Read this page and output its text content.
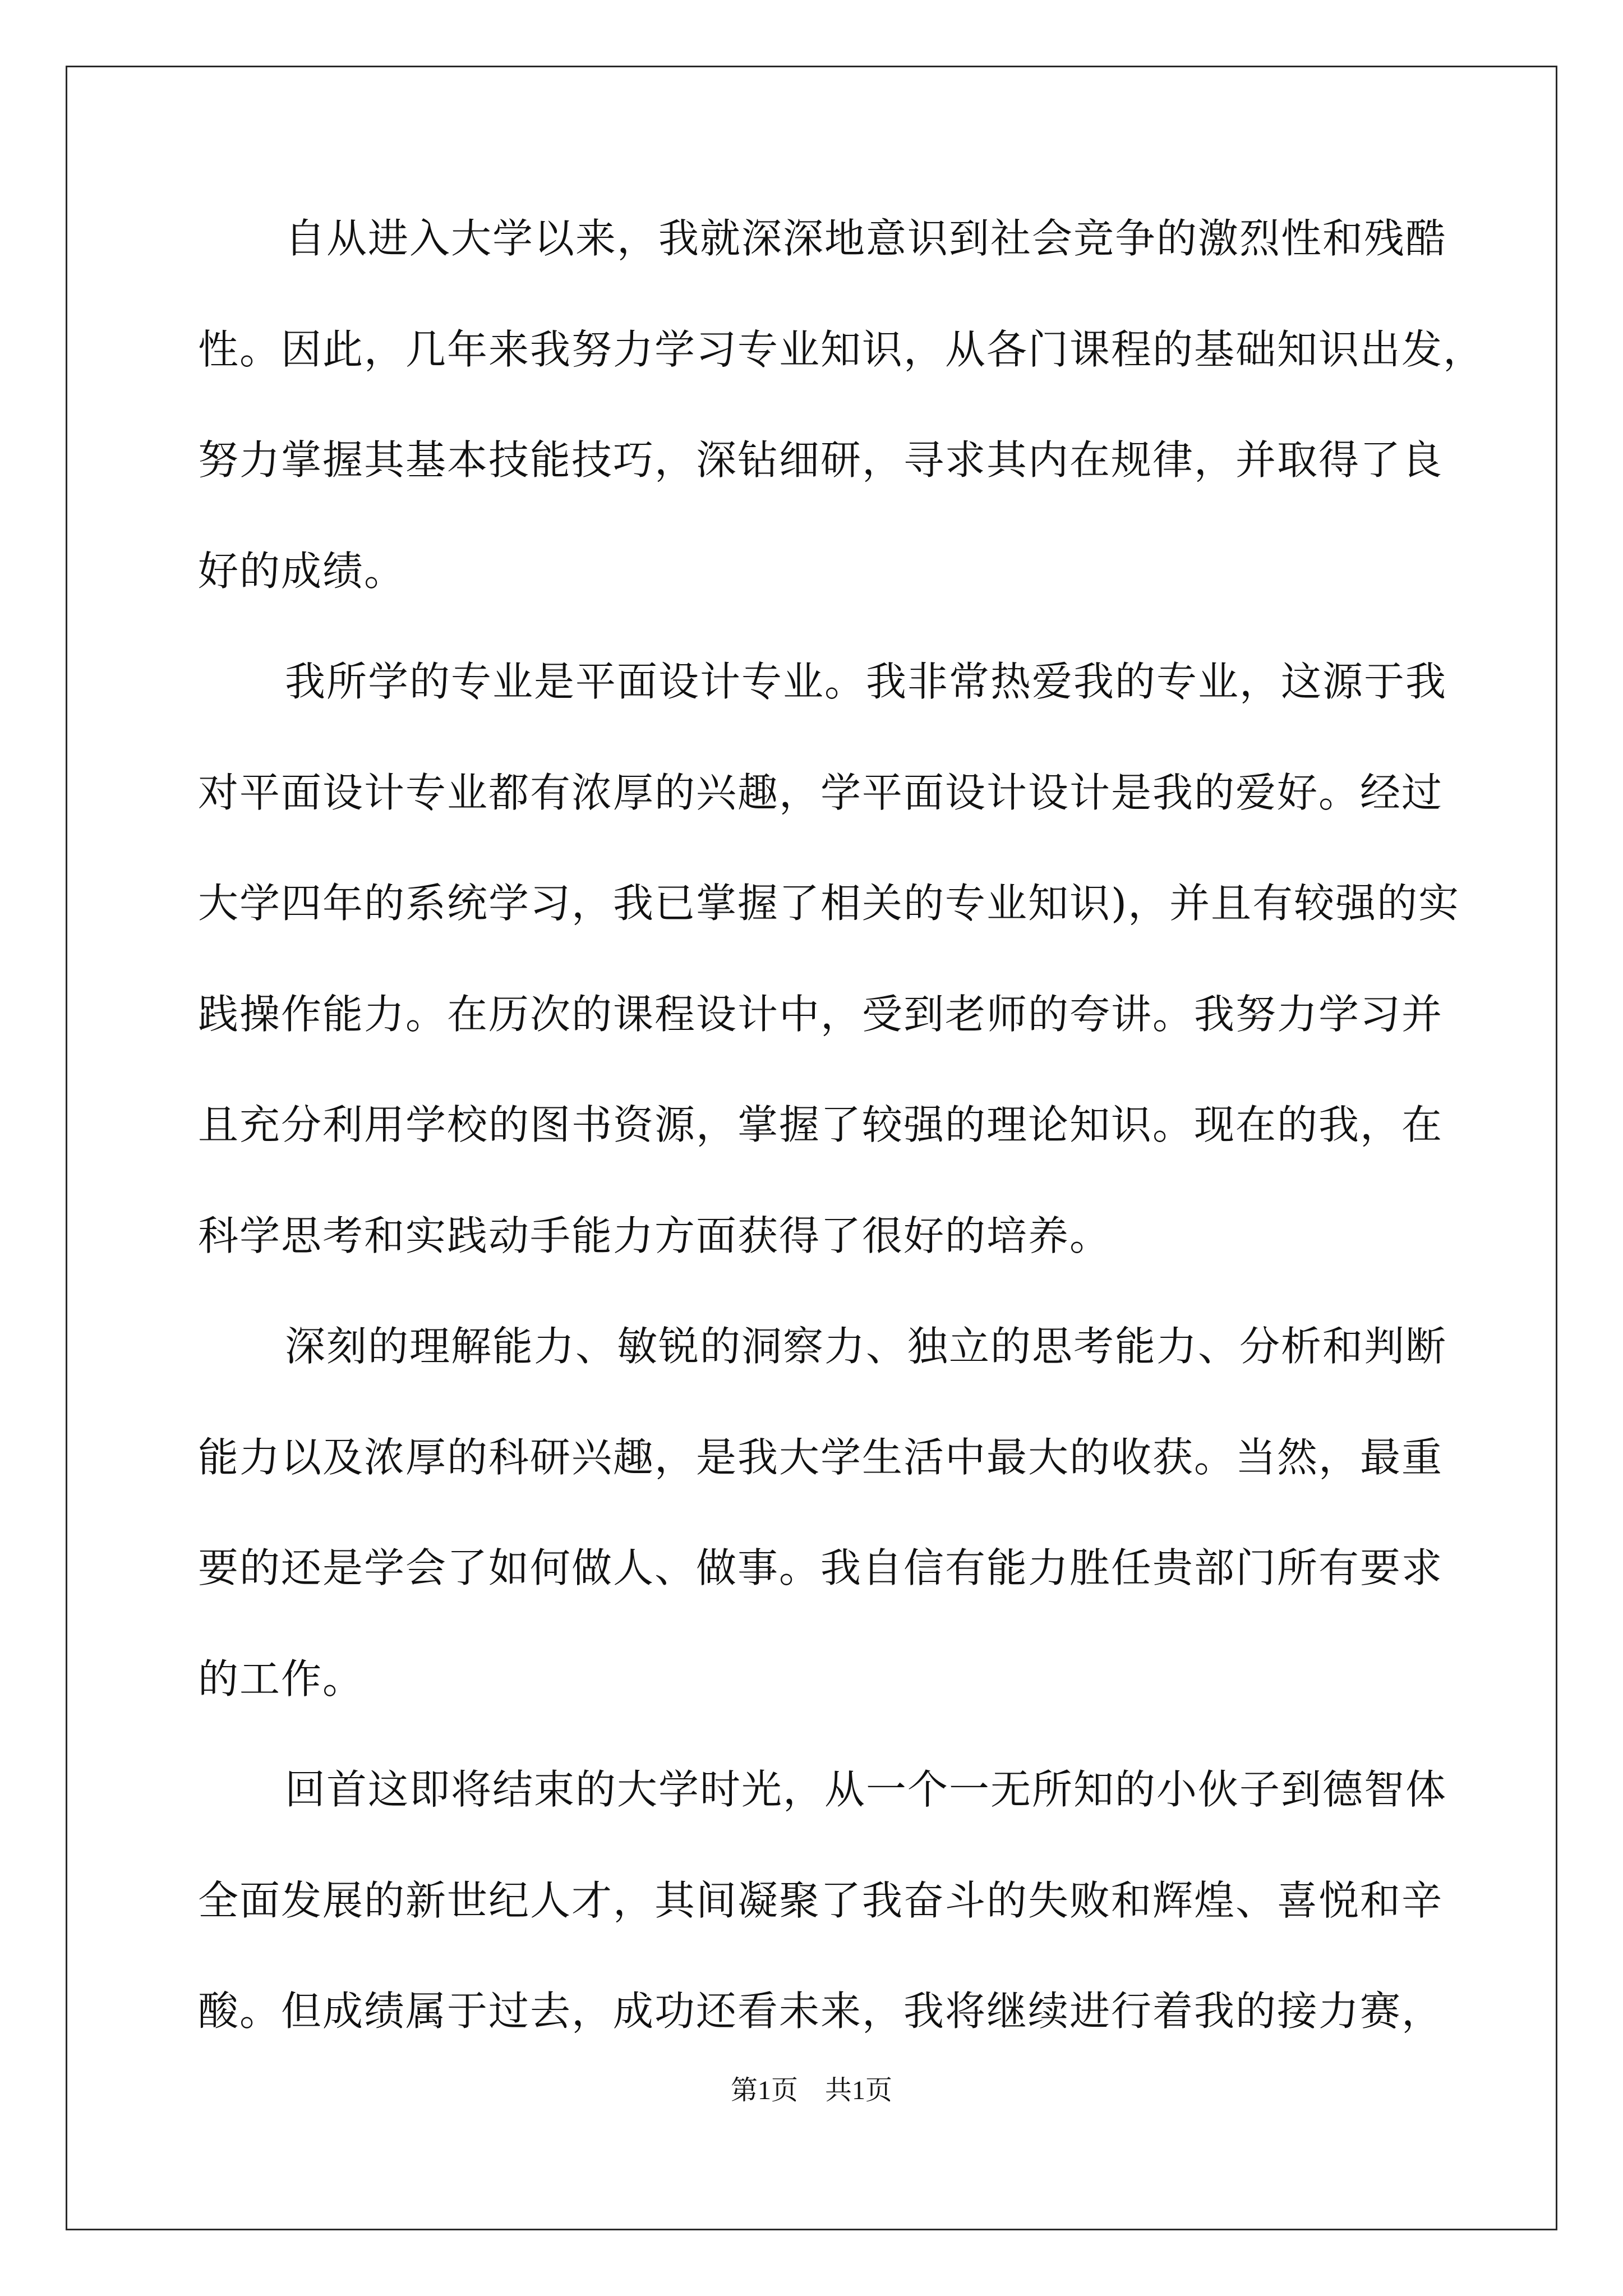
自从进入大学以来，我就深深地意识到社会竞争的激烈性和残酷
性。因此，几年来我努力学习专业知识，从各门课程的基础知识出发，
努力掌握其基本技能技巧，深钻细研，寻求其内在规律，并取得了良
好的成绩。
我所学的专业是平面设计专业。我非常热爱我的专业，这源于我
对平面设计专业都有浓厚的兴趣，学平面设计设计是我的爱好。经过
大学四年的系统学习，我已掌握了相关的专业知识)，并且有较强的实
践操作能力。在历次的课程设计中，受到老师的夸讲。我努力学习并
且充分利用学校的图书资源，掌握了较强的理论知识。现在的我，在
科学思考和实践动手能力方面获得了很好的培养。
深刻的理解能力、敏锐的洞察力、独立的思考能力、分析和判断
能力以及浓厚的科研兴趣，是我大学生活中最大的收获。当然，最重
要的还是学会了如何做人、做事。我自信有能力胜任贵部门所有要求
的工作。
回首这即将结束的大学时光，从一个一无所知的小伙子到德智体
全面发展的新世纪人才，其间凝聚了我奋斗的失败和辉煌、喜悦和辛
酸。但成绩属于过去，成功还看未来，我将继续进行着我的接力赛，
第1页 共1页
